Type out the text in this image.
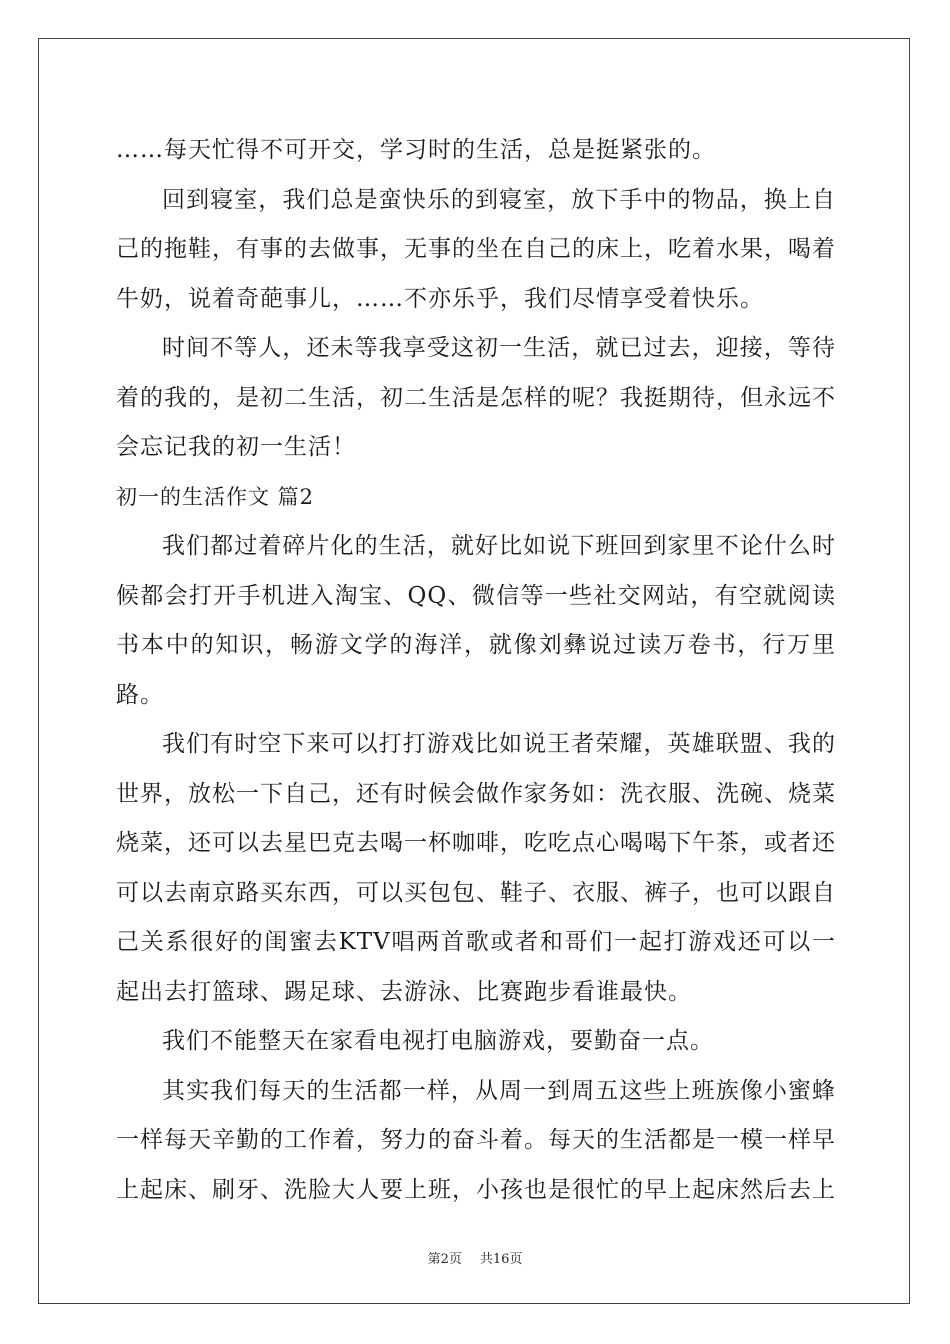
……每天忙得不可开交，学习时的生活，总是挺紧张的。

回到寝室，我们总是蛮快乐的到寝室，放下手中的物品，换上自己的拖鞋，有事的去做事，无事的坐在自己的床上，吃着水果，喝着牛奶，说着奇葩事儿，……不亦乐乎，我们尽情享受着快乐。

时间不等人，还未等我享受这初一生活，就已过去，迎接，等待着的我的，是初二生活，初二生活是怎样的呢？我挺期待，但永远不会忘记我的初一生活！

初一的生活作文 篇2

我们都过着碎片化的生活，就好比如说下班回到家里不论什么时候都会打开手机进入淘宝、QQ、微信等一些社交网站，有空就阅读书本中的知识，畅游文学的海洋，就像刘彝说过读万卷书，行万里路。

我们有时空下来可以打打游戏比如说王者荣耀，英雄联盟、我的世界，放松一下自己，还有时候会做作家务如：洗衣服、洗碗、烧菜烧菜，还可以去星巴克去喝一杯咖啡，吃吃点心喝喝下午茶，或者还可以去南京路买东西，可以买包包、鞋子、衣服、裤子，也可以跟自己关系很好的闺蜜去KTV唱两首歌或者和哥们一起打游戏还可以一起出去打篮球、踢足球、去游泳、比赛跑步看谁最快。

我们不能整天在家看电视打电脑游戏，要勤奋一点。

其实我们每天的生活都一样，从周一到周五这些上班族像小蜜蜂一样每天辛勤的工作着，努力的奋斗着。每天的生活都是一模一样早上起床、刷牙、洗脸大人要上班，小孩也是很忙的早上起床然后去上

第2页 共16页
